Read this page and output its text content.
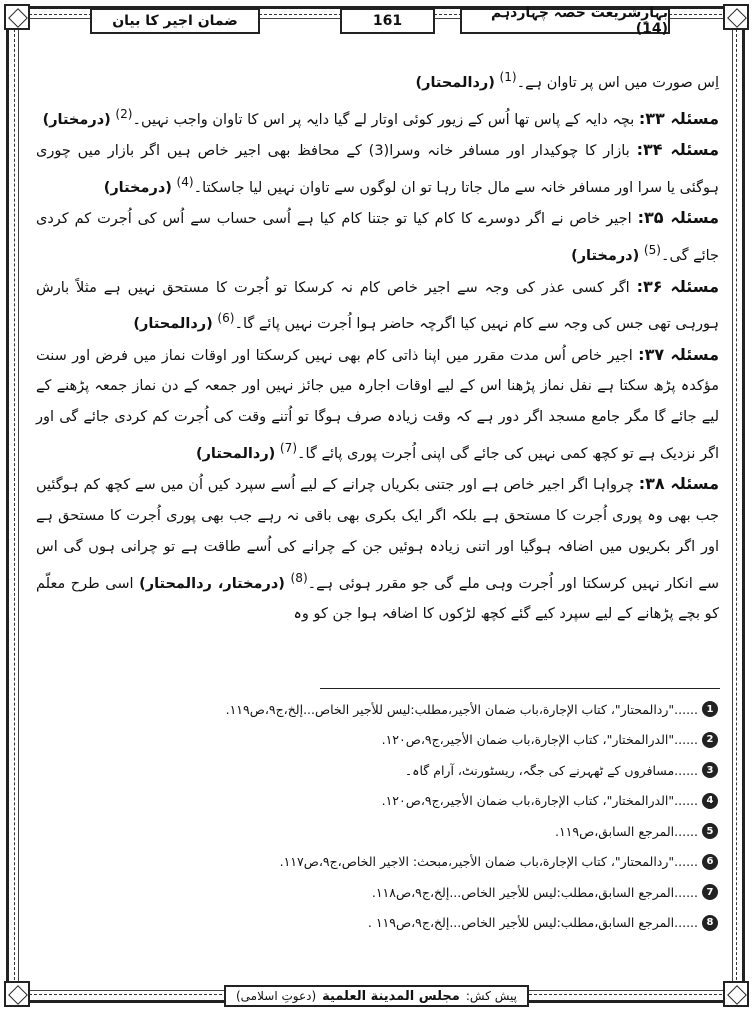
بہارِشریعت حصہ چہاردہم (14)
161
ضمان اجیر کا بیان

اِس صورت میں اس پر تاوان ہے۔$^{(1)}$ (ردالمحتار)

مسئلہ ۳۳: بچہ دایہ کے پاس تھا اُس کے زیور کوئی اوتار لے گیا دایہ پر اس کا تاوان واجب نہیں۔$^{(2)}$ (درمختار)

مسئلہ ۳۴: بازار کا چوکیدار اور مسافر خانہ وسرا(3) کے محافظ بھی اجیر خاص ہیں اگر بازار میں چوری ہوگئی یا سرا اور مسافر خانہ سے مال جاتا رہا تو ان لوگوں سے تاوان نہیں لیا جاسکتا۔$^{(4)}$ (درمختار)

مسئلہ ۳۵: اجیر خاص نے اگر دوسرے کا کام کیا تو جتنا کام کیا ہے اُسی حساب سے اُس کی اُجرت کم کردی جائے گی۔$^{(5)}$ (درمختار)

مسئلہ ۳۶: اگر کسی عذر کی وجہ سے اجیر خاص کام نہ کرسکا تو اُجرت کا مستحق نہیں ہے مثلاً بارش ہورہی تھی جس کی وجہ سے کام نہیں کیا اگرچہ حاضر ہوا اُجرت نہیں پائے گا۔$^{(6)}$ (ردالمحتار)

مسئلہ ۳۷: اجیر خاص اُس مدت مقرر میں اپنا ذاتی کام بھی نہیں کرسکتا اور اوقات نماز میں فرض اور سنت مؤکدہ پڑھ سکتا ہے نفل نماز پڑھنا اس کے لیے اوقات اجارہ میں جائز نہیں اور جمعہ کے دن نماز جمعہ پڑھنے کے لیے جائے گا مگر جامع مسجد اگر دور ہے کہ وقت زیادہ صرف ہوگا تو اُتنے وقت کی اُجرت کم کردی جائے گی اور اگر نزدیک ہے تو کچھ کمی نہیں کی جائے گی اپنی اُجرت پوری پائے گا۔$^{(7)}$ (ردالمحتار)

مسئلہ ۳۸: چرواہا اگر اجیر خاص ہے اور جتنی بکریاں چرانے کے لیے اُسے سپرد کیں اُن میں سے کچھ کم ہوگئیں جب بھی وہ پوری اُجرت کا مستحق ہے بلکہ اگر ایک بکری بھی باقی نہ رہے جب بھی پوری اُجرت کا مستحق ہے اور اگر بکریوں میں اضافہ ہوگیا اور اتنی زیادہ ہوئیں جن کے چرانے کی اُسے طاقت ہے تو چرانی ہوں گی اس سے انکار نہیں کرسکتا اور اُجرت وہی ملے گی جو مقرر ہوئی ہے۔$^{(8)}$ (درمختار، ردالمحتار) اسی طرح معلّم کو بچے پڑھانے کے لیے سپرد کیے گئے کچھ لڑکوں کا اضافہ ہوا جن کو وہ

1
......"ردالمحتار"، كتاب الإجارة،باب ضمان الأجير،مطلب:ليس للأجير الخاص...إلخ،ج٩،ص١١٩.
2
......"الدرالمختار"، كتاب الإجارة،باب ضمان الأجير،ج٩،ص١٢٠.
3
......مسافروں کے ٹھہرنے کی جگہ، ریسٹورنٹ، آرام گاہ۔
4
......"الدرالمختار"، كتاب الإجارة،باب ضمان الأجير،ج٩،ص١٢٠.
5
......المرجع السابق،ص١١٩.
6
......"ردالمحتار"، كتاب الإجارة،باب ضمان الأجير،مبحث: الاجير الخاص،ج٩،ص١١٧.
7
......المرجع السابق،مطلب:ليس للأجير الخاص...إلخ،ج٩،ص١١٨.
8
......المرجع السابق،مطلب:ليس للأجير الخاص...إلخ،ج٩،ص١١٩ .
پیش کش:
مجلس المدينة العلمية
(دعوتِ اسلامی)
